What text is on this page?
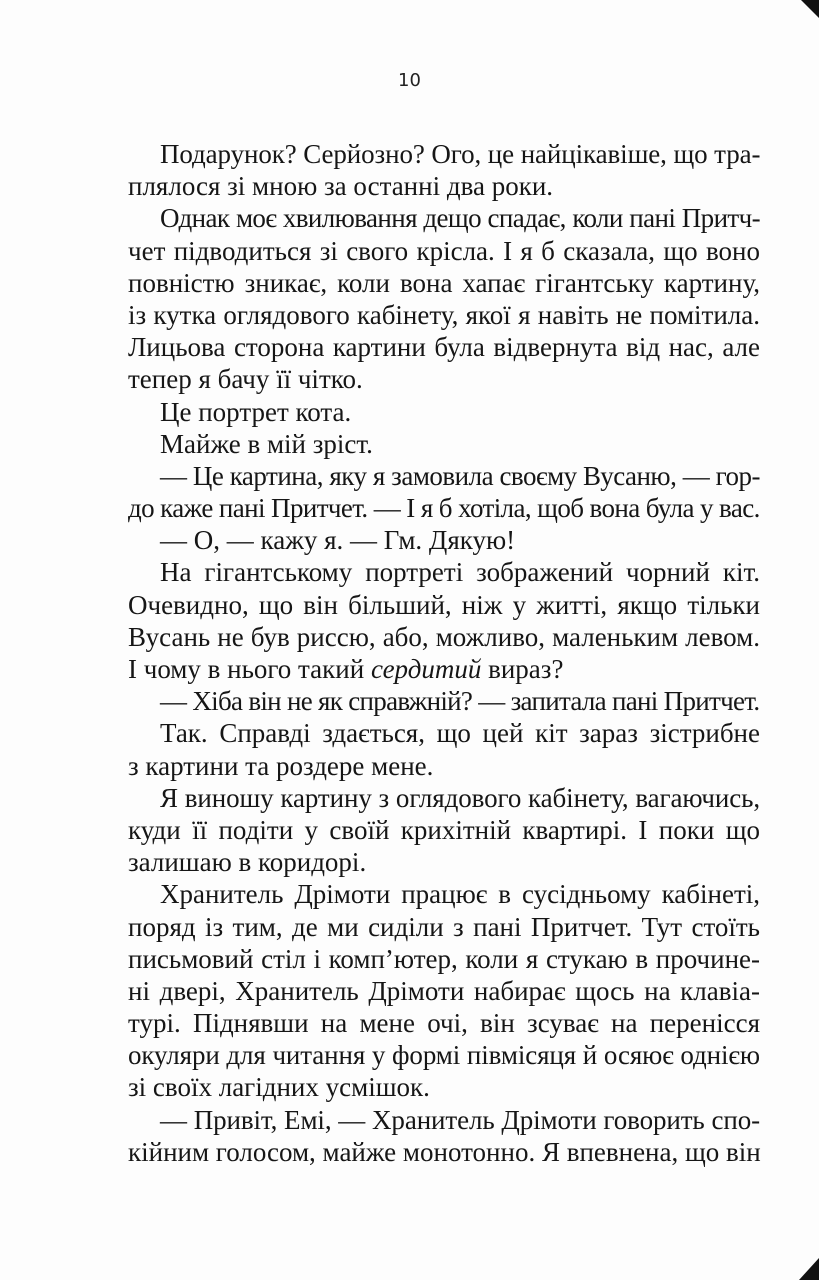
10
Подарунок? Серйозно? Ого, це найцікавіше, що тра-
плялося зі мною за останні два роки.
Однак моє хвилювання дещо спадає, коли пані Притч-
чет підводиться зі свого крісла. І я б сказала, що воно
повністю зникає, коли вона хапає гігантську картину,
із кутка оглядового кабінету, якої я навіть не помітила.
Лицьова сторона картини була відвернута від нас, але
тепер я бачу її чітко.
Це портрет кота.
Майже в мій зріст.
— Це картина, яку я замовила своєму Вусаню, — гор-
до каже пані Притчет. — І я б хотіла, щоб вона була у вас.
— О, — кажу я. — Гм. Дякую!
На гігантському портреті зображений чорний кіт.
Очевидно, що він більший, ніж у житті, якщо тільки
Вусань не був риссю, або, можливо, маленьким левом.
І чому в нього такий сердитий вираз?
— Хіба він не як справжній? — запитала пані Притчет.
Так. Справді здається, що цей кіт зараз зістрибне
з картини та роздере мене.
Я виношу картину з оглядового кабінету, вагаючись,
куди її подіти у своїй крихітній квартирі. І поки що
залишаю в коридорі.
Хранитель Дрімоти працює в сусідньому кабінеті,
поряд із тим, де ми сиділи з пані Притчет. Тут стоїть
письмовий стіл і комп’ютер, коли я стукаю в прочине-
ні двері, Хранитель Дрімоти набирає щось на клавіа-
турі. Піднявши на мене очі, він зсуває на перенісся
окуляри для читання у формі півмісяця й осяює однією
зі своїх лагідних усмішок.
— Привіт, Емі, — Хранитель Дрімоти говорить спо-
кійним голосом, майже монотонно. Я впевнена, що він
